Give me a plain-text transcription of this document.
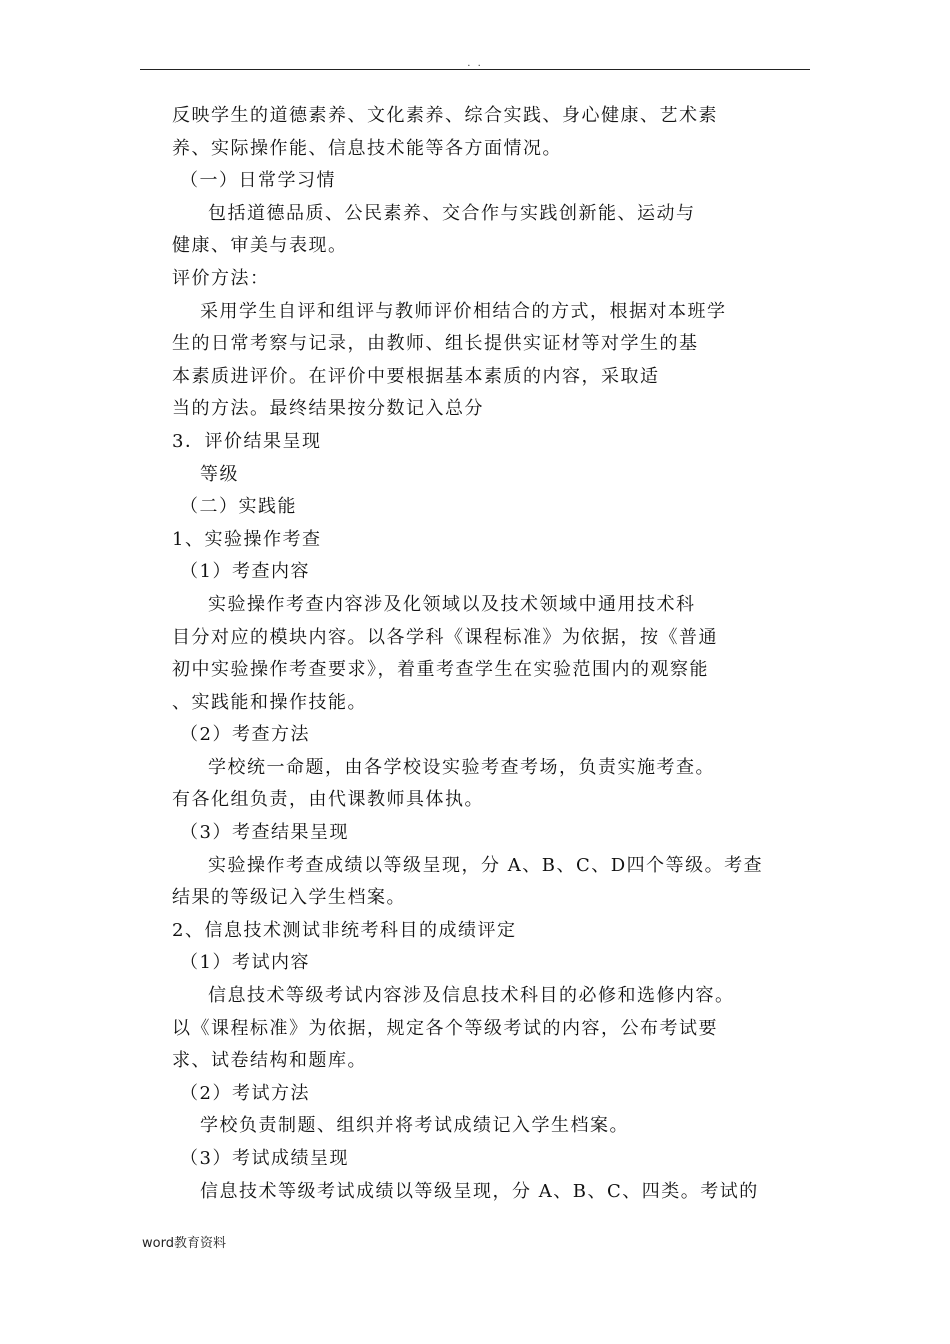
. .
反映学生的道德素养、文化素养、综合实践、身心健康、艺术素
养、实际操作能、信息技术能等各方面情况。
（一）日常学习情
包括道德品质、公民素养、交合作与实践创新能、运动与
健康、审美与表现。
评价方法：
采用学生自评和组评与教师评价相结合的方式，根据对本班学
生的日常考察与记录，由教师、组长提供实证材等对学生的基
本素质进评价。在评价中要根据基本素质的内容，采取适
当的方法。最终结果按分数记入总分
3．评价结果呈现
等级
（二）实践能
1、实验操作考查
（1）考查内容
实验操作考查内容涉及化领域以及技术领域中通用技术科
目分对应的模块内容。以各学科《课程标准》为依据，按《普通
初中实验操作考查要求》，着重考查学生在实验范围内的观察能
、实践能和操作技能。
（2）考查方法
学校统一命题，由各学校设实验考查考场，负责实施考查。
有各化组负责，由代课教师具体执。
（3）考查结果呈现
实验操作考查成绩以等级呈现，分 A、B、C、D四个等级。考查
结果的等级记入学生档案。
2、信息技术测试非统考科目的成绩评定
（1）考试内容
信息技术等级考试内容涉及信息技术科目的必修和选修内容。
以《课程标准》为依据，规定各个等级考试的内容，公布考试要
求、试卷结构和题库。
（2）考试方法
学校负责制题、组织并将考试成绩记入学生档案。
（3）考试成绩呈现
信息技术等级考试成绩以等级呈现，分 A、B、C、四类。考试的
word教育资料
